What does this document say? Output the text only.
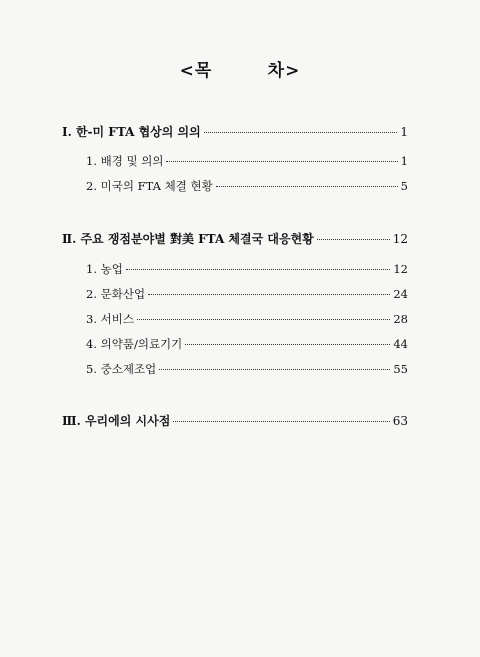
<목        차>
Ⅰ. 한-미 FTA 협상의 의의	1
1. 배경 및 의의	1
2. 미국의 FTA 체결 현황	5
Ⅱ. 주요 쟁점분야별 對美 FTA 체결국 대응현황	12
1. 농업	12
2. 문화산업	24
3. 서비스	28
4. 의약품/의료기기	44
5. 중소제조업	55
Ⅲ. 우리에의 시사점	63
